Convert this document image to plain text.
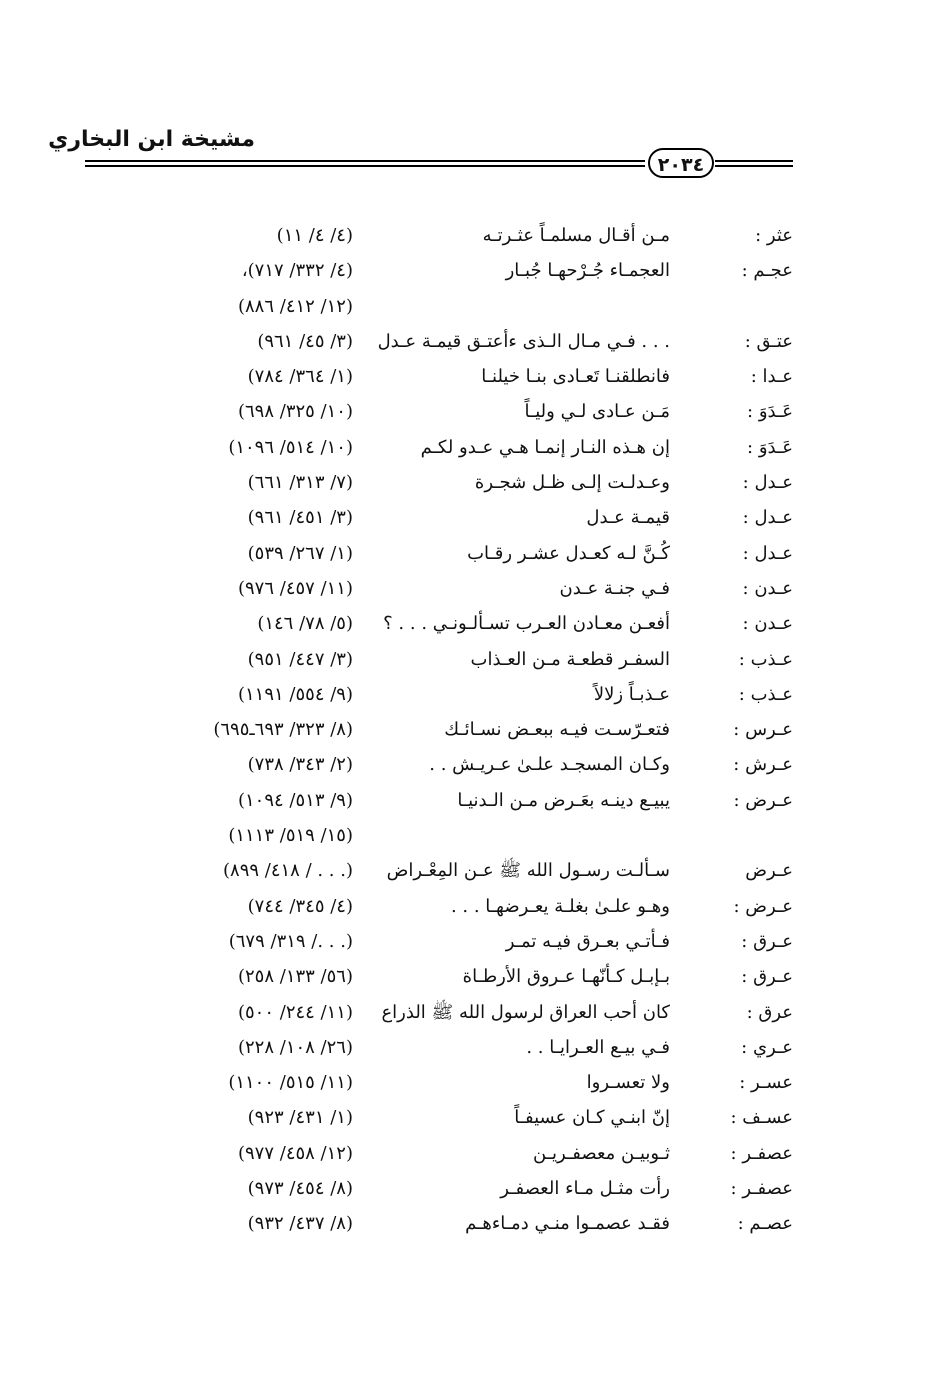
مشيخة ابن البخاري
٢٠٣٤
عثر :
مـن أقـال مسلمـاً عثـرتـه
(٤/ ٤/ ١١)
عجـم :
العجمـاء جُـرْحهـا جُبـار
(٤/ ٣٣٢/ ٧١٧)،
(١٢/ ٤١٢/ ٨٨٦)
عتـق :
. . . فـي مـال الـذى ءأعتـق قيمـة عـدل
(٣/ ٤٥/ ٩٦١)
عـدا :
فانطلقنـا تَعـادى بنـا خيلنـا
(١/ ٣٦٤/ ٧٨٤)
عَـدَوَ :
مَـن عـادى لـي وليـاً
(١٠/ ٣٢٥/ ٦٩٨)
عَـدَوَ :
إن هـذه النـار إنمـا هـي عـدو لكـم
(١٠/ ٥١٤/ ١٠٩٦)
عـدل :
وعـدلـت إلـى ظـل شجـرة
(٧/ ٣١٣/ ٦٦١)
عـدل :
قيمـة عـدل
(٣/ ٤٥١/ ٩٦١)
عـدل :
كُـنَّ لـه كعـدل عشـر رقـاب
(١/ ٢٦٧/ ٥٣٩)
عـدن :
فـي جنـة عـدن
(١١/ ٤٥٧/ ٩٧٦)
عـدن :
أفعـن معـادن العـرب تسـألـونـي . . . ؟
(٥/ ٧٨/ ١٤٦)
عـذب :
السفـر قطعـة مـن العـذاب
(٣/ ٤٤٧/ ٩٥١)
عـذب :
عـذبـاً زلالاً
(٩/ ٥٥٤/ ١١٩١)
عـرس :
فتعـرّسـت فيـه ببعـض نسـائـك
(٨/ ٣٢٣/ ٦٩٣ـ٦٩٥)
عـرش :
وكـان المسجـد علـىٰ عـريـش . .
(٢/ ٣٤٣/ ٧٣٨)
عـرض :
يبيـع دينـه بعَـرض مـن الـدنيـا
(٩/ ٥١٣/ ١٠٩٤)
(١٥/ ٥١٩/ ١١١٣)
عـرض
سـألـت رسـول الله ﷺ عـن المِعْـراض
(. . . / ٤١٨/ ٨٩٩)
عـرض :
وهـو علـىٰ بغلـة يعـرضهـا . . .
(٤/ ٣٤٥/ ٧٤٤)
عـرق :
فـأتـي بعـرق فيـه تمـر
(. . ./ ٣١٩/ ٦٧٩)
عـرق :
بـإبـل كـأنّهـا عـروق الأرطـاة
(٥٦/ ١٣٣/ ٢٥٨)
عرق :
كان أحب العراق لرسول الله ﷺ الذراع
(١١/ ٢٤٤/ ٥٠٠)
عـري :
فـي بيـع العـرايـا . .
(٢٦/ ١٠٨/ ٢٢٨)
عسـر :
ولا تعسـروا
(١١/ ٥١٥/ ١١٠٠)
عسـف :
إنّ ابنـي كـان عسيفـاً
(١/ ٤٣١/ ٩٢٣)
عصفـر :
ثـوبيـن معصفـريـن
(١٢/ ٤٥٨/ ٩٧٧)
عصفـر :
رأت مثـل مـاء العصفـر
(٨/ ٤٥٤/ ٩٧٣)
عصـم :
فقـد عصمـوا منـي دمـاءهـم
(٨/ ٤٣٧/ ٩٣٢)
